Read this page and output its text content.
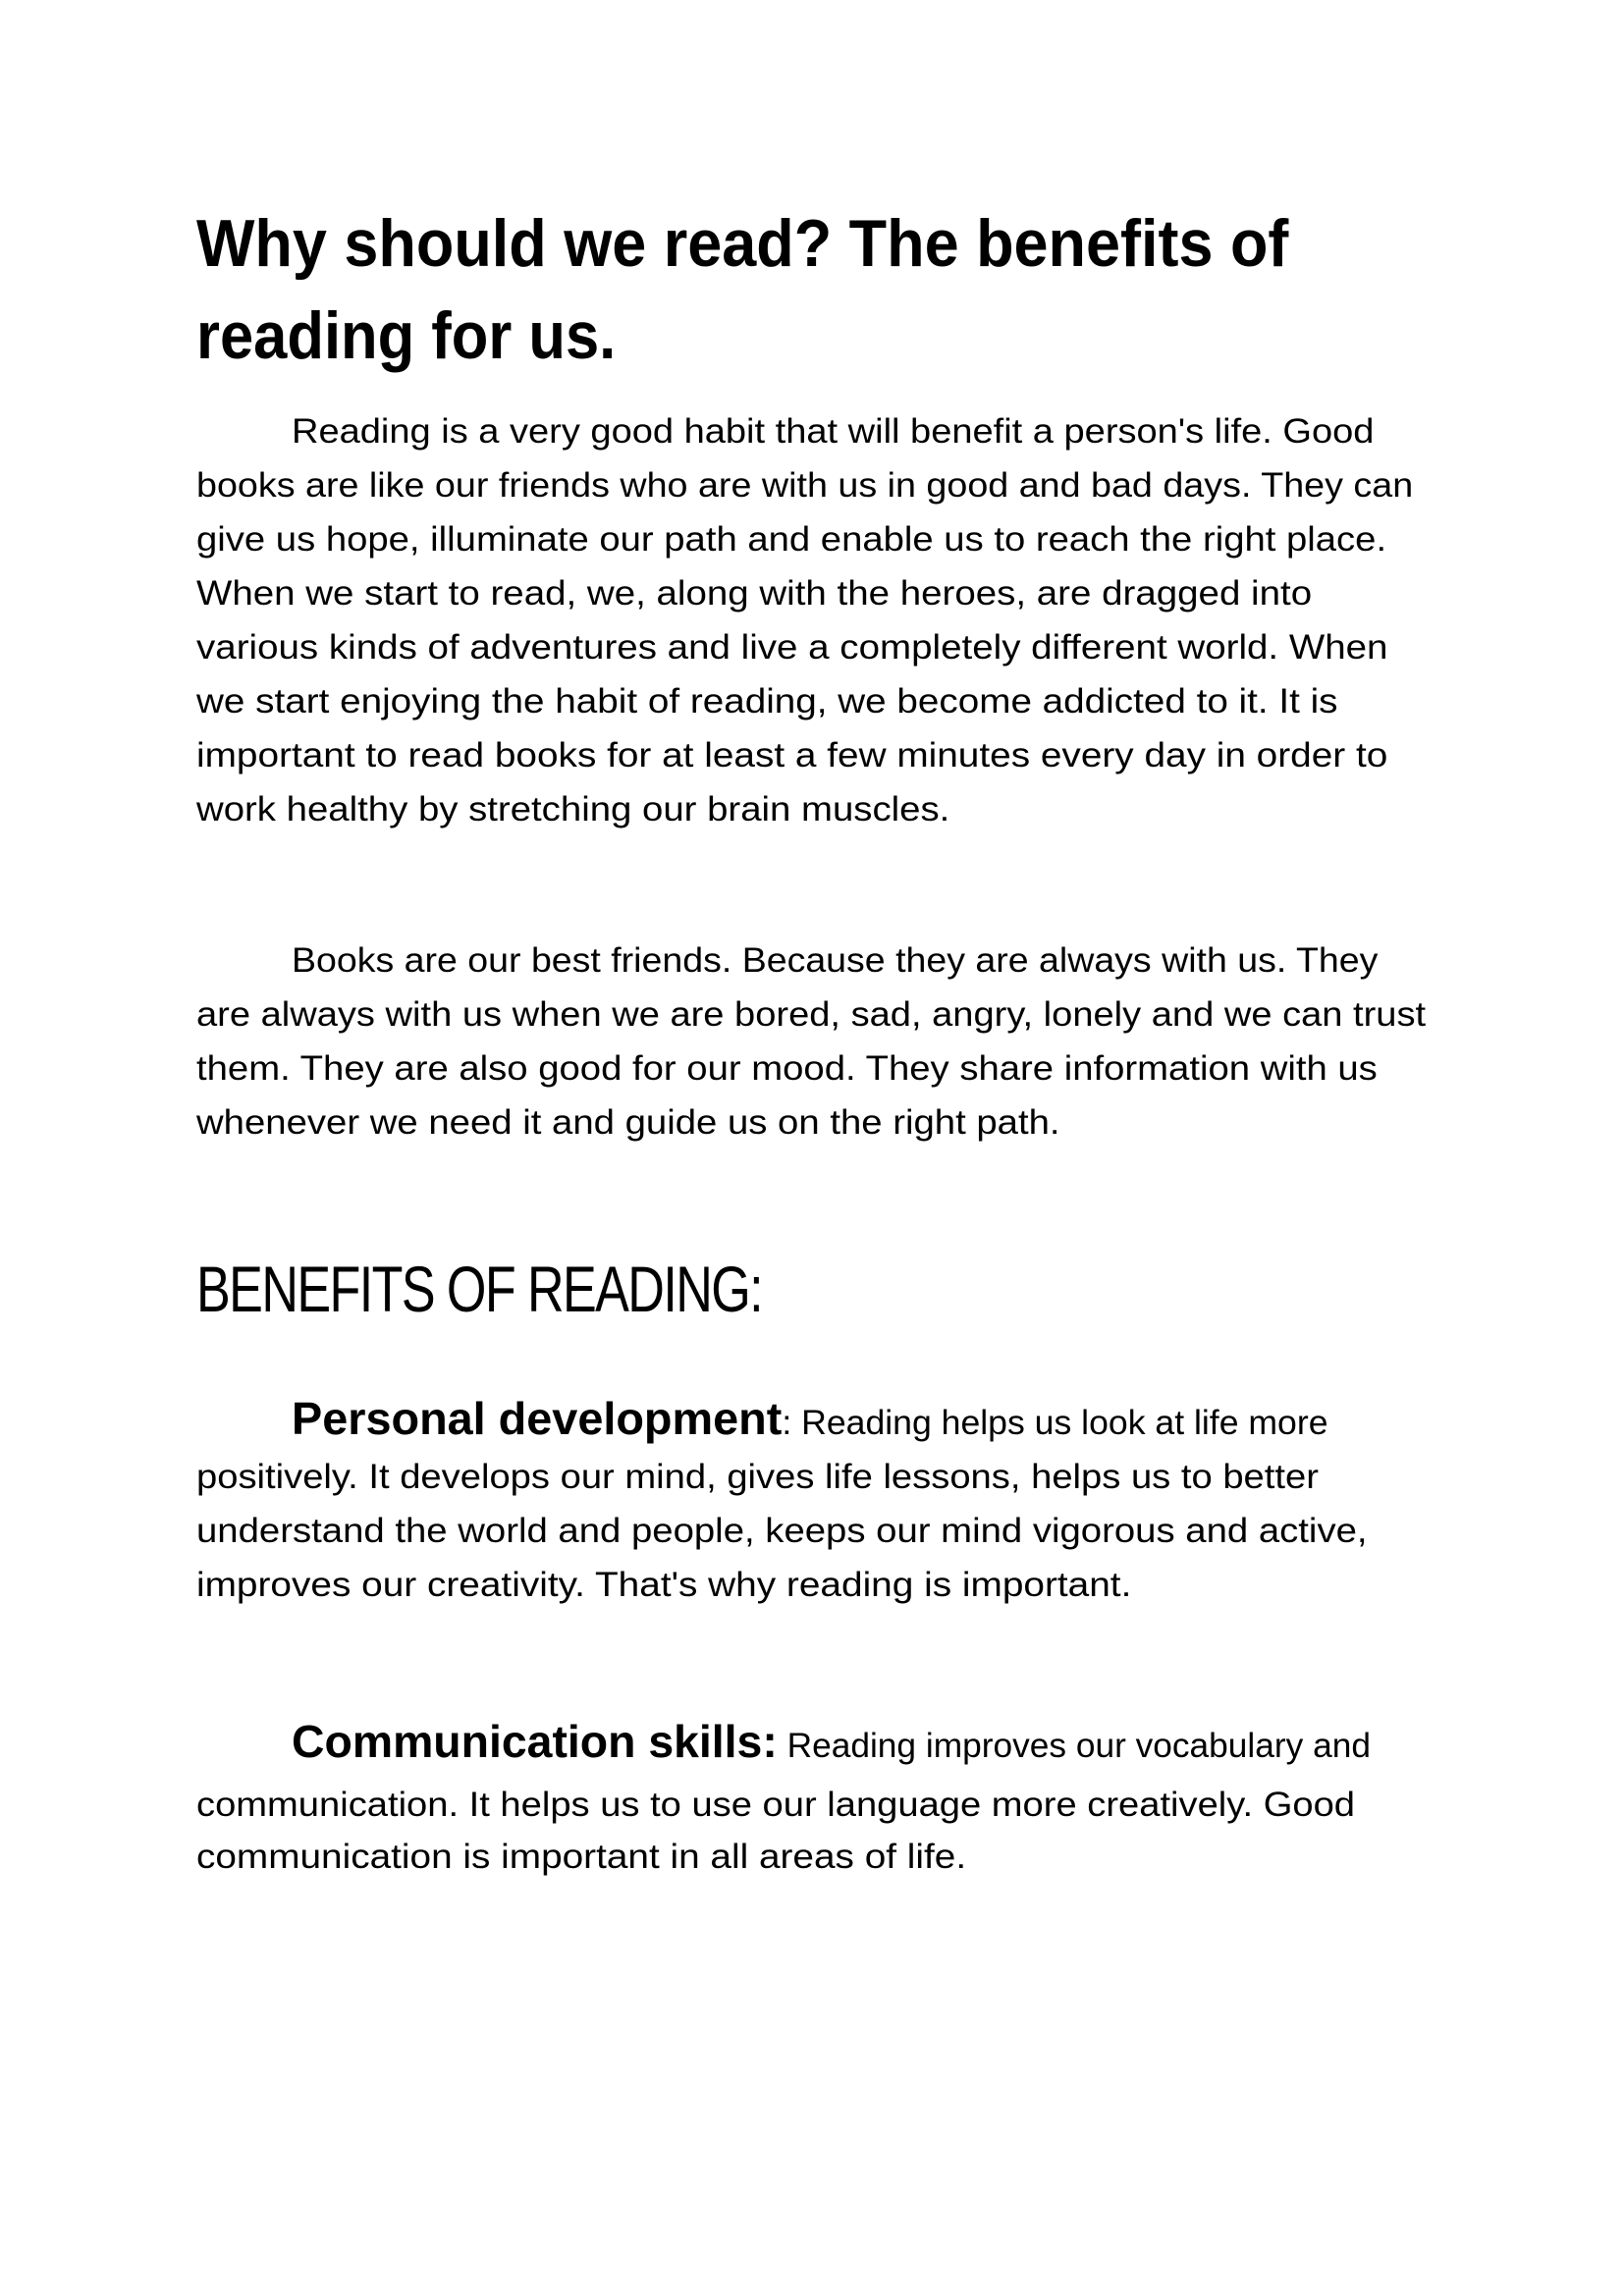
Why should we read? The benefits of
reading for us.
Reading is a very good habit that will benefit a person's life. Good
books are like our friends who are with us in good and bad days. They can
give us hope, illuminate our path and enable us to reach the right place.
When we start to read, we, along with the heroes, are dragged into
various kinds of adventures and live a completely different world. When
we start enjoying the habit of reading, we become addicted to it. It is
important to read books for at least a few minutes every day in order to
work healthy by stretching our brain muscles.
Books are our best friends. Because they are always with us. They
are always with us when we are bored, sad, angry, lonely and we can trust
them. They are also good for our mood. They share information with us
whenever we need it and guide us on the right path.
BENEFITS OF READING:
Personal development: Reading helps us look at life more
positively. It develops our mind, gives life lessons, helps us to better
understand the world and people, keeps our mind vigorous and active,
improves our creativity. That's why reading is important.
Communication skills: Reading improves our vocabulary and
communication. It helps us to use our language more creatively. Good
communication is important in all areas of life.
